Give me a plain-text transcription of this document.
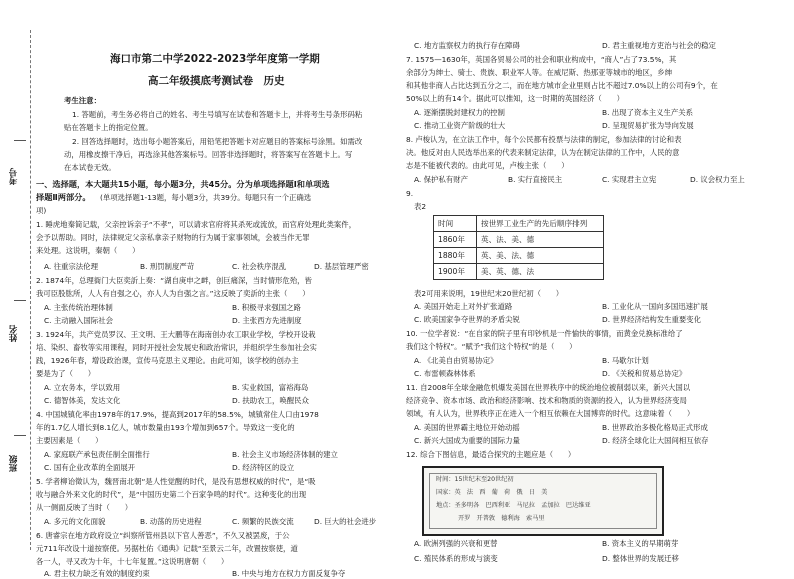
考号
姓名
班级
海口市第二中学2022-2023学年度第一学期
高二年级摸底考测试卷　历史
考生注意：
1. 答题前，考生务必将自己的姓名、考生号填写在试卷和答题卡上，并将考生号条形码粘
贴在答题卡上的指定位置。
2. 回答选择题时，选出每小题答案后，用铅笔把答题卡对应题目的答案标号涂黑。如需改
动，用橡皮擦干净后，再选涂其他答案标号。回答非选择题时，将答案写在答题卡上。写
在本试卷无效。
一、选择题，本大题共15小题，每小题3分，共45分。分为单项选择题Ⅰ和单项选
择题Ⅱ两部分。 (单项选择题1-13题，每小题3分，共39分。每题只有一个正确选
项)
1. 睡虎地秦简记载，父亲控诉亲子“不孝”，可以请求官府将其杀死或流放，而官府处理此类案件，
会予以帮助。同时，法律规定父亲私拿亲子财物的行为属于家事领域，会被当作无罪
来处理。这说明，秦朝（　　）
A. 往重宗法伦理	B. 刑罚制度严苛	C. 社会秩序混乱	D. 基层管理严密
2. 1874年，总理衙门大臣奕訢上奏：“湖自庚申之衅，创巨痛深，当时情形危殆，皆
我可臣股肱所，人人有自强之心，亦人人为自强之言。”这反映了奕訢的主张（　　）
A. 主张传统治理体制	B. 积极寻求强国之路
C. 主动融入国际社会	D. 主张西方先进制度
3. 1924年，共产党员罗汉、王文明、王大鹏等在海南创办农工职业学校，学校开设栽
培、染织、畜牧等实用课程，同时开授社会发展史和政治常识，并组织学生参加社会实
践，1926年春，增设政治课，宣传马克思主义理论。由此可知，该学校的创办主
要是为了（　　）
A. 立农务本，学以致用	B. 实业救国，富裕海岛
C. 德智体美，发达文化	D. 扶助农工，唤醒民众
4. 中国城镇化率由1978年的17.9%，提高到2017年的58.5%，城镇常住人口由1978
年的1.7亿人增长到8.1亿人，城市数量由193个增加到657个。导致这一变化的
主要因素是（　　）
A. 家庭联产承包责任制全面推行	B. 社会主义市场经济体制的建立
C. 国有企业改革的全面展开	D. 经济特区的设立
5. 学者柳诒徵认为，魏晋南北朝“是人性觉醒的时代，是没有思想权威的时代”，是“吸
收与融合外来文化的时代”，是“中国历史第二个百家争鸣的时代”。这种变化的出现
从一侧面反映了当时（　　）
A. 多元的文化面貌	B. 动荡的历史进程	C. 频繁的民族交流	D. 巨大的社会进步
6. 唐睿宗在地方政府设立“纠察所管州县以下官人善恶”，不久又被罢废，于公
元711年改设十道按察使。另据杜佑《通典》记载“至景云二年，改置按察使，道
各一人，寻又改为十年，十七年复置。”这说明唐朝（　　）
A. 君主权力缺乏有效的制度约束	B. 中央与地方在权力方面反复争夺
C. 地方监察权力的执行存在障碍	D. 君主重视地方吏治与社会的稳定
7. 1575—1630年，英国各贸易公司的社会和职业构成中，“商人”占了73.5%，其
余部分为绅士、骑士、贵族、职业军人等。在威尼斯、热那亚等城市的地区，乡绅
和其他非商人占比达到五分之二，而在地方城市企业里则占比不超过7.0%以上的公司有9个，在
50%以上的有14个。据此可以推知，这一时期的英国经济（　　）
A. 逐渐摆脱封建权力的控制	B. 出现了资本主义生产关系
C. 推动工业资产阶级的壮大	D. 呈现贸易扩张为导向发展
8. 卢梭认为，在立法工作中，每个公民都有投票与法律的制定，参加法律的讨论和表
决。他反对由人民选举出来的代表来制定法律，认为在制定法律的工作中，人民的意
志是不能被代表的。由此可见，卢梭主张（　　）
A. 保护私有财产	B. 实行直接民主	C. 实现君主立宪	D. 议会权力至上
9.
表2
时间	按世界工业生产的先后顺序排列
1860年	英、法、美、德
1880年	英、美、法、德
1900年	美、英、德、法
表2可用来说明，19世纪末20世纪初（　　）
A. 美国开始走上对外扩张道路	B. 工业化从一国向多国迅速扩展
C. 欧美国家争夺世界的矛盾尖锐	D. 世界经济结构发生重要变化
10. 一位学者说：“在自家的院子里有印钞机是一件愉快的事情，而黄金兑换标准给了
我们这个特权”。“赋予”我们这个特权”的是（　　）
A. 《北美自由贸易协定》	B. 马歇尔计划
C. 布雷顿森林体系	D. 《关税和贸易总协定》
11. 自2008年全球金融危机爆发美国在世界秩序中的统治地位被削弱以来，新兴大国以
经济竞争、资本市场、政治和经济影响、技术和物质的资源的投入，认为世界经济变局
领域，有人认为，世界秩序正在进入一个相互依赖在大国博弈的时代。这意味着（　　）
A. 美国的世界霸主地位开始动摇	B. 世界政治多极化格局正式形成
C. 新兴大国成为重要的国际力量	D. 经济全球化让大国间相互依存
12. 综合下图信息，最适合探究的主题应是（　　）
时间：15世纪末至20世纪初
国家：英　法　西　葡　荷　俄　日　美
地点：圣多明各　巴西利亚　马尼拉　孟加拉　巴达维亚
开罗　开普敦　德利海　索马里
A. 欧洲列强的兴衰和更替	B. 资本主义的早期萌芽
C. 殖民体系的形成与演变	D. 整体世界的发展迁移
